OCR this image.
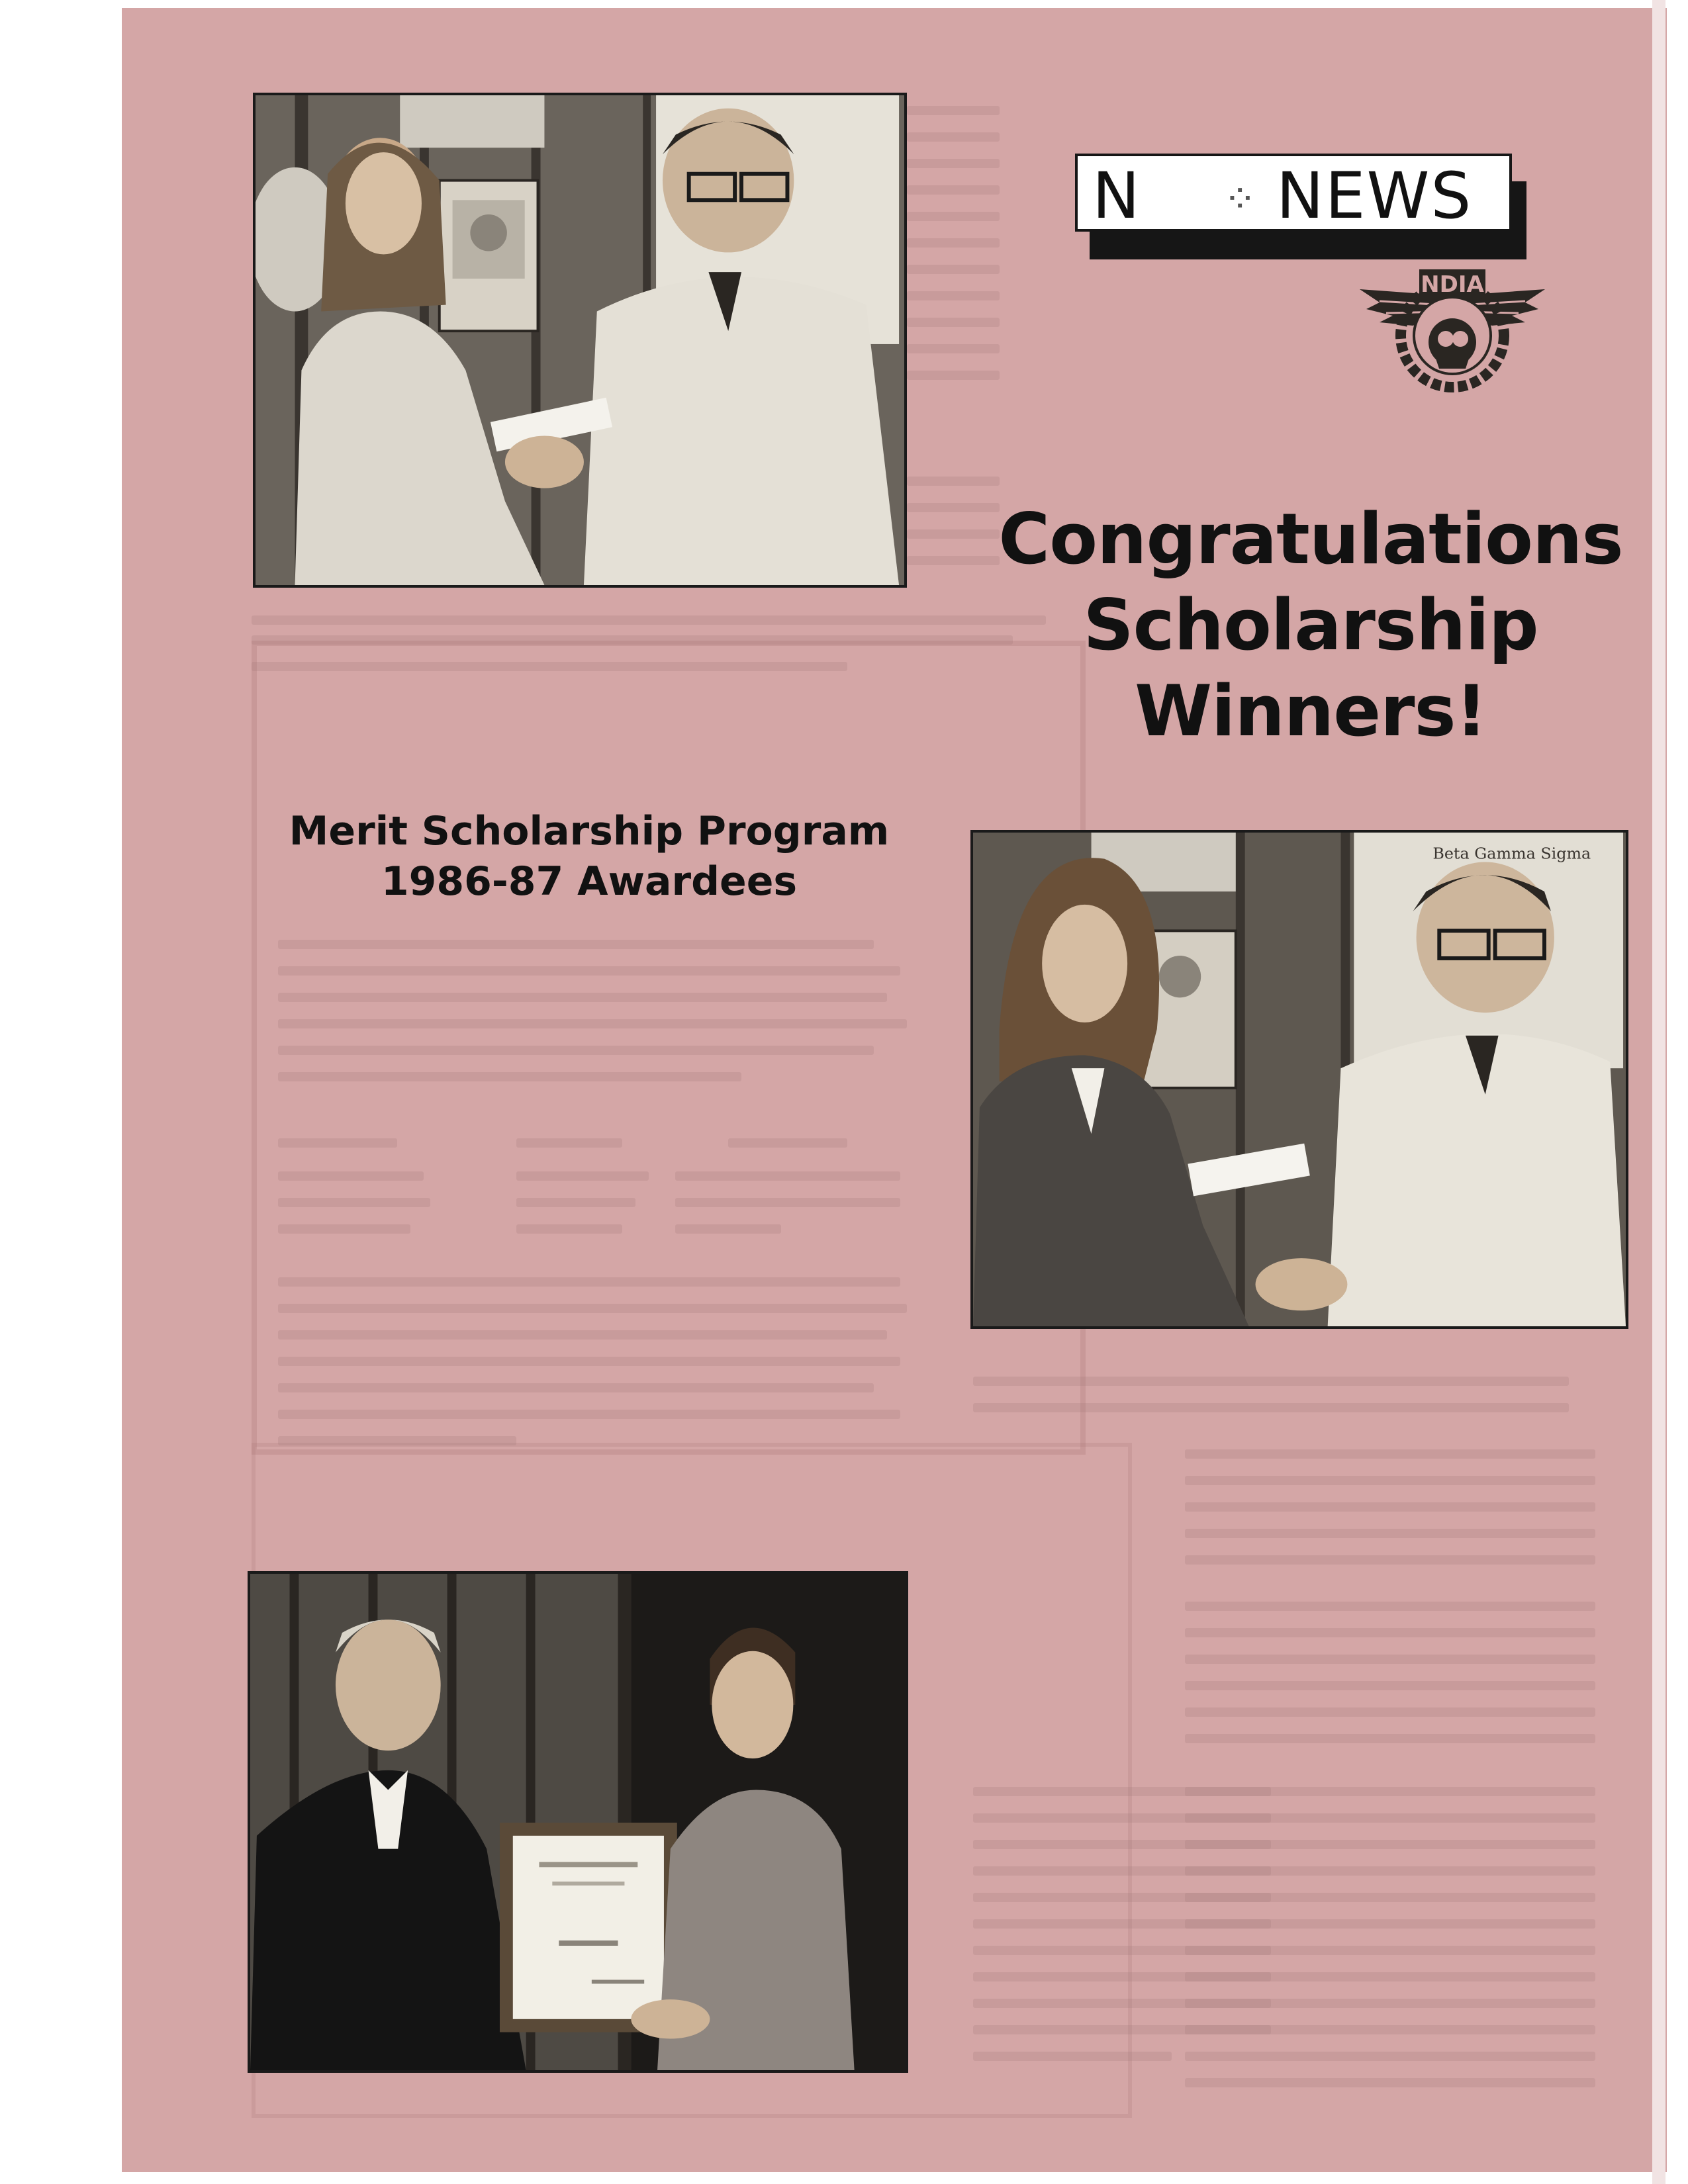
Beta Gamma Sigma
N ⁘ NEWS
NDIA
Congratulations
Scholarship
Winners!
Merit Scholarship Program
1986-87 Awardees
